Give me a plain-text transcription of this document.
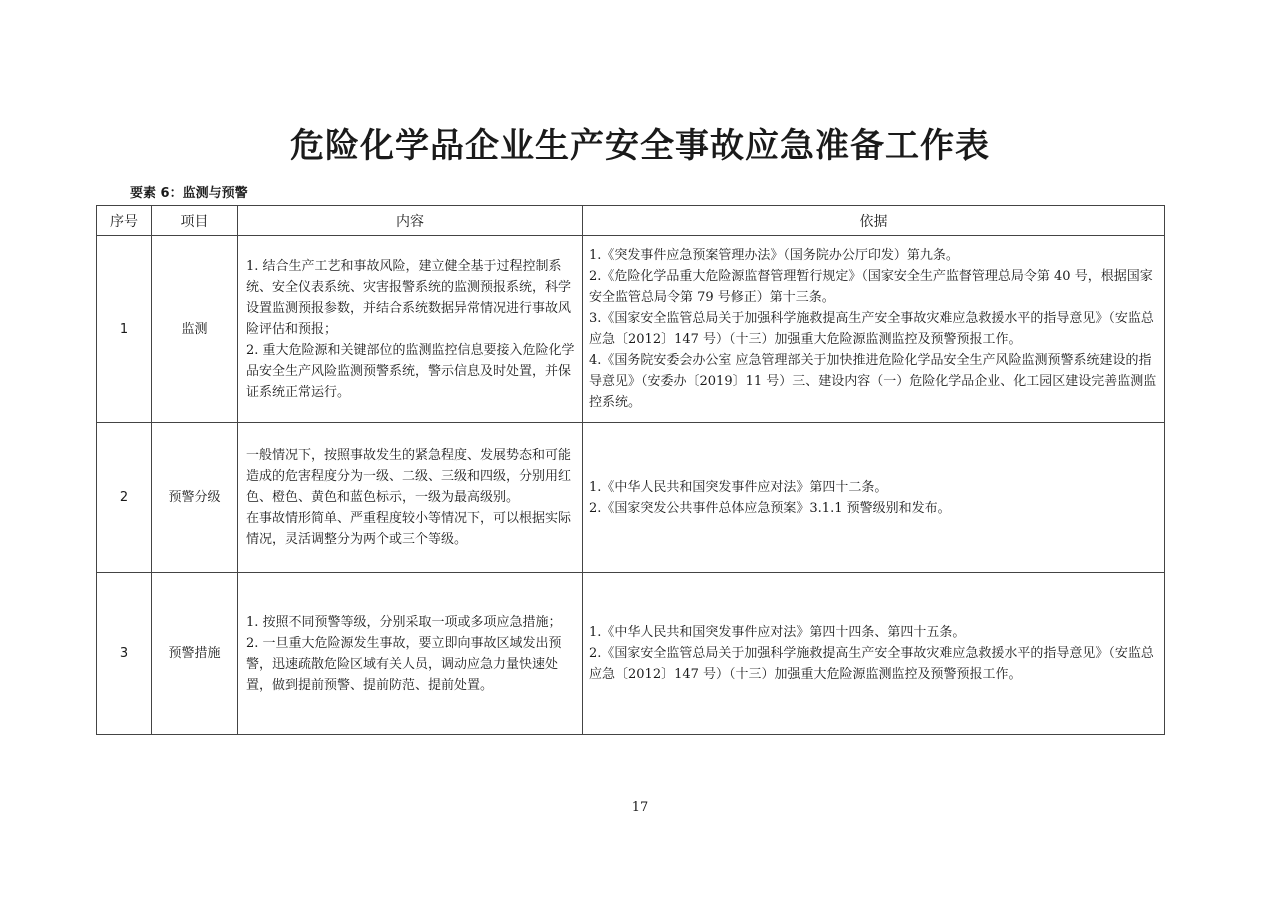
危险化学品企业生产安全事故应急准备工作表
要素 6：监测与预警
序号	项目	内容	依据
1	监测	1. 结合生产工艺和事故风险，建立健全基于过程控制系统、安全仪表系统、灾害报警系统的监测预报系统，科学设置监测预报参数，并结合系统数据异常情况进行事故风险评估和预报；
2. 重大危险源和关键部位的监测监控信息要接入危险化学品安全生产风险监测预警系统，警示信息及时处置，并保证系统正常运行。	1.《突发事件应急预案管理办法》（国务院办公厅印发）第九条。
2.《危险化学品重大危险源监督管理暂行规定》（国家安全生产监督管理总局令第 40 号，根据国家安全监管总局令第 79 号修正）第十三条。
3.《国家安全监管总局关于加强科学施救提高生产安全事故灾难应急救援水平的指导意见》（安监总应急〔2012〕147 号）（十三）加强重大危险源监测监控及预警预报工作。
4.《国务院安委会办公室 应急管理部关于加快推进危险化学品安全生产风险监测预警系统建设的指导意见》（安委办〔2019〕11 号）三、建设内容（一）危险化学品企业、化工园区建设完善监测监控系统。

2	预警分级	一般情况下，按照事故发生的紧急程度、发展势态和可能造成的危害程度分为一级、二级、三级和四级，分别用红色、橙色、黄色和蓝色标示，一级为最高级别。
在事故情形简单、严重程度较小等情况下，可以根据实际情况，灵活调整分为两个或三个等级。	1.《中华人民共和国突发事件应对法》第四十二条。
2.《国家突发公共事件总体应急预案》3.1.1 预警级别和发布。

3	预警措施	1. 按照不同预警等级，分别采取一项或多项应急措施；
2. 一旦重大危险源发生事故，要立即向事故区域发出预警，迅速疏散危险区域有关人员，调动应急力量快速处置，做到提前预警、提前防范、提前处置。	1.《中华人民共和国突发事件应对法》第四十四条、第四十五条。
2.《国家安全监管总局关于加强科学施救提高生产安全事故灾难应急救援水平的指导意见》（安监总应急〔2012〕147 号）（十三）加强重大危险源监测监控及预警预报工作。
17
